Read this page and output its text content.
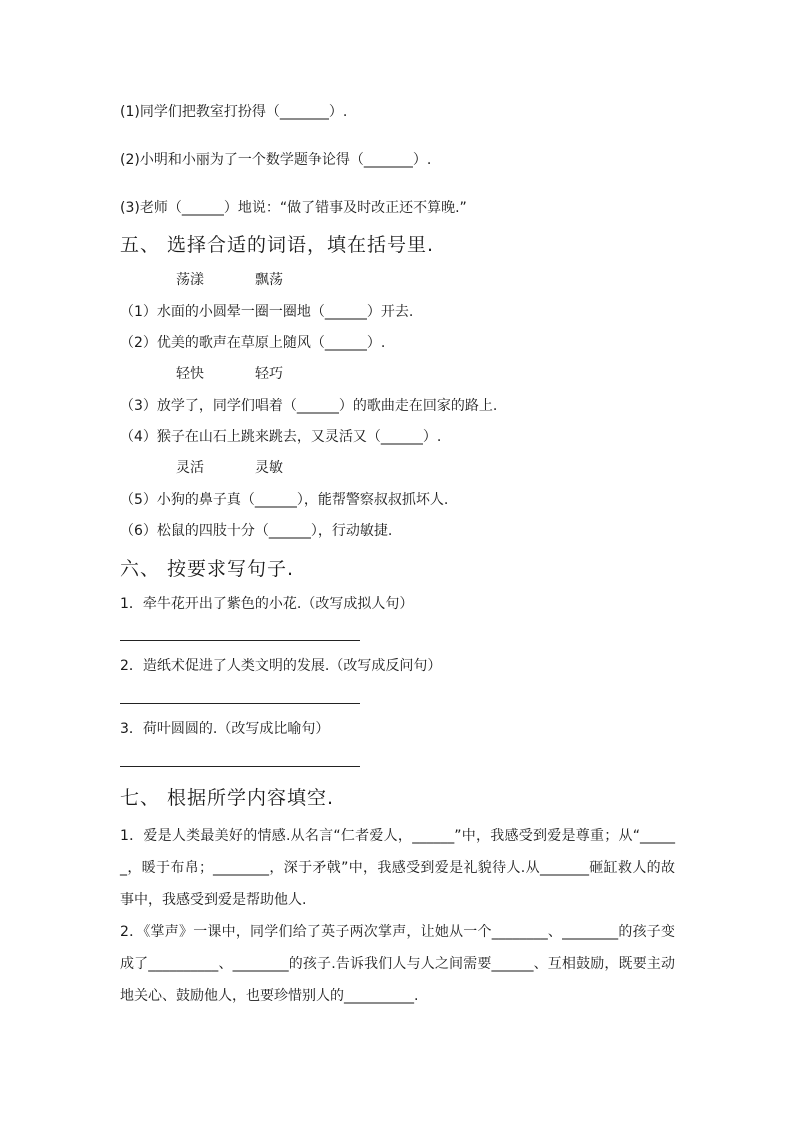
(1)同学们把教室打扮得（_______）.
(2)小明和小丽为了一个数学题争论得（_______）.
(3)老师（______）地说：“做了错事及时改正还不算晚.”
五、 选择合适的词语，填在括号里.
荡漾	飘荡
（1）水面的小圆晕一圈一圈地（______）开去.
（2）优美的歌声在草原上随风（______）.
轻快	轻巧
（3）放学了，同学们唱着（______）的歌曲走在回家的路上.
（4）猴子在山石上跳来跳去，又灵活又（______）.
灵活	灵敏
（5）小狗的鼻子真（______），能帮警察叔叔抓坏人.
（6）松鼠的四肢十分（______），行动敏捷.
六、 按要求写句子.
1．牵牛花开出了紫色的小花.（改写成拟人句）
2．造纸术促进了人类文明的发展.（改写成反问句）
3．荷叶圆圆的.（改写成比喻句）
七、 根据所学内容填空.
1．爱是人类最美好的情感.从名言“仁者爱人，______”中，我感受到爱是尊重；从“______，暖于布帛；________，深于矛戟”中，我感受到爱是礼貌待人.从_______砸缸救人的故事中，我感受到爱是帮助他人.
2．《掌声》一课中，同学们给了英子两次掌声，让她从一个________、________的孩子变成了__________、________的孩子.告诉我们人与人之间需要______、互相鼓励，既要主动地关心、鼓励他人，也要珍惜别人的__________.
